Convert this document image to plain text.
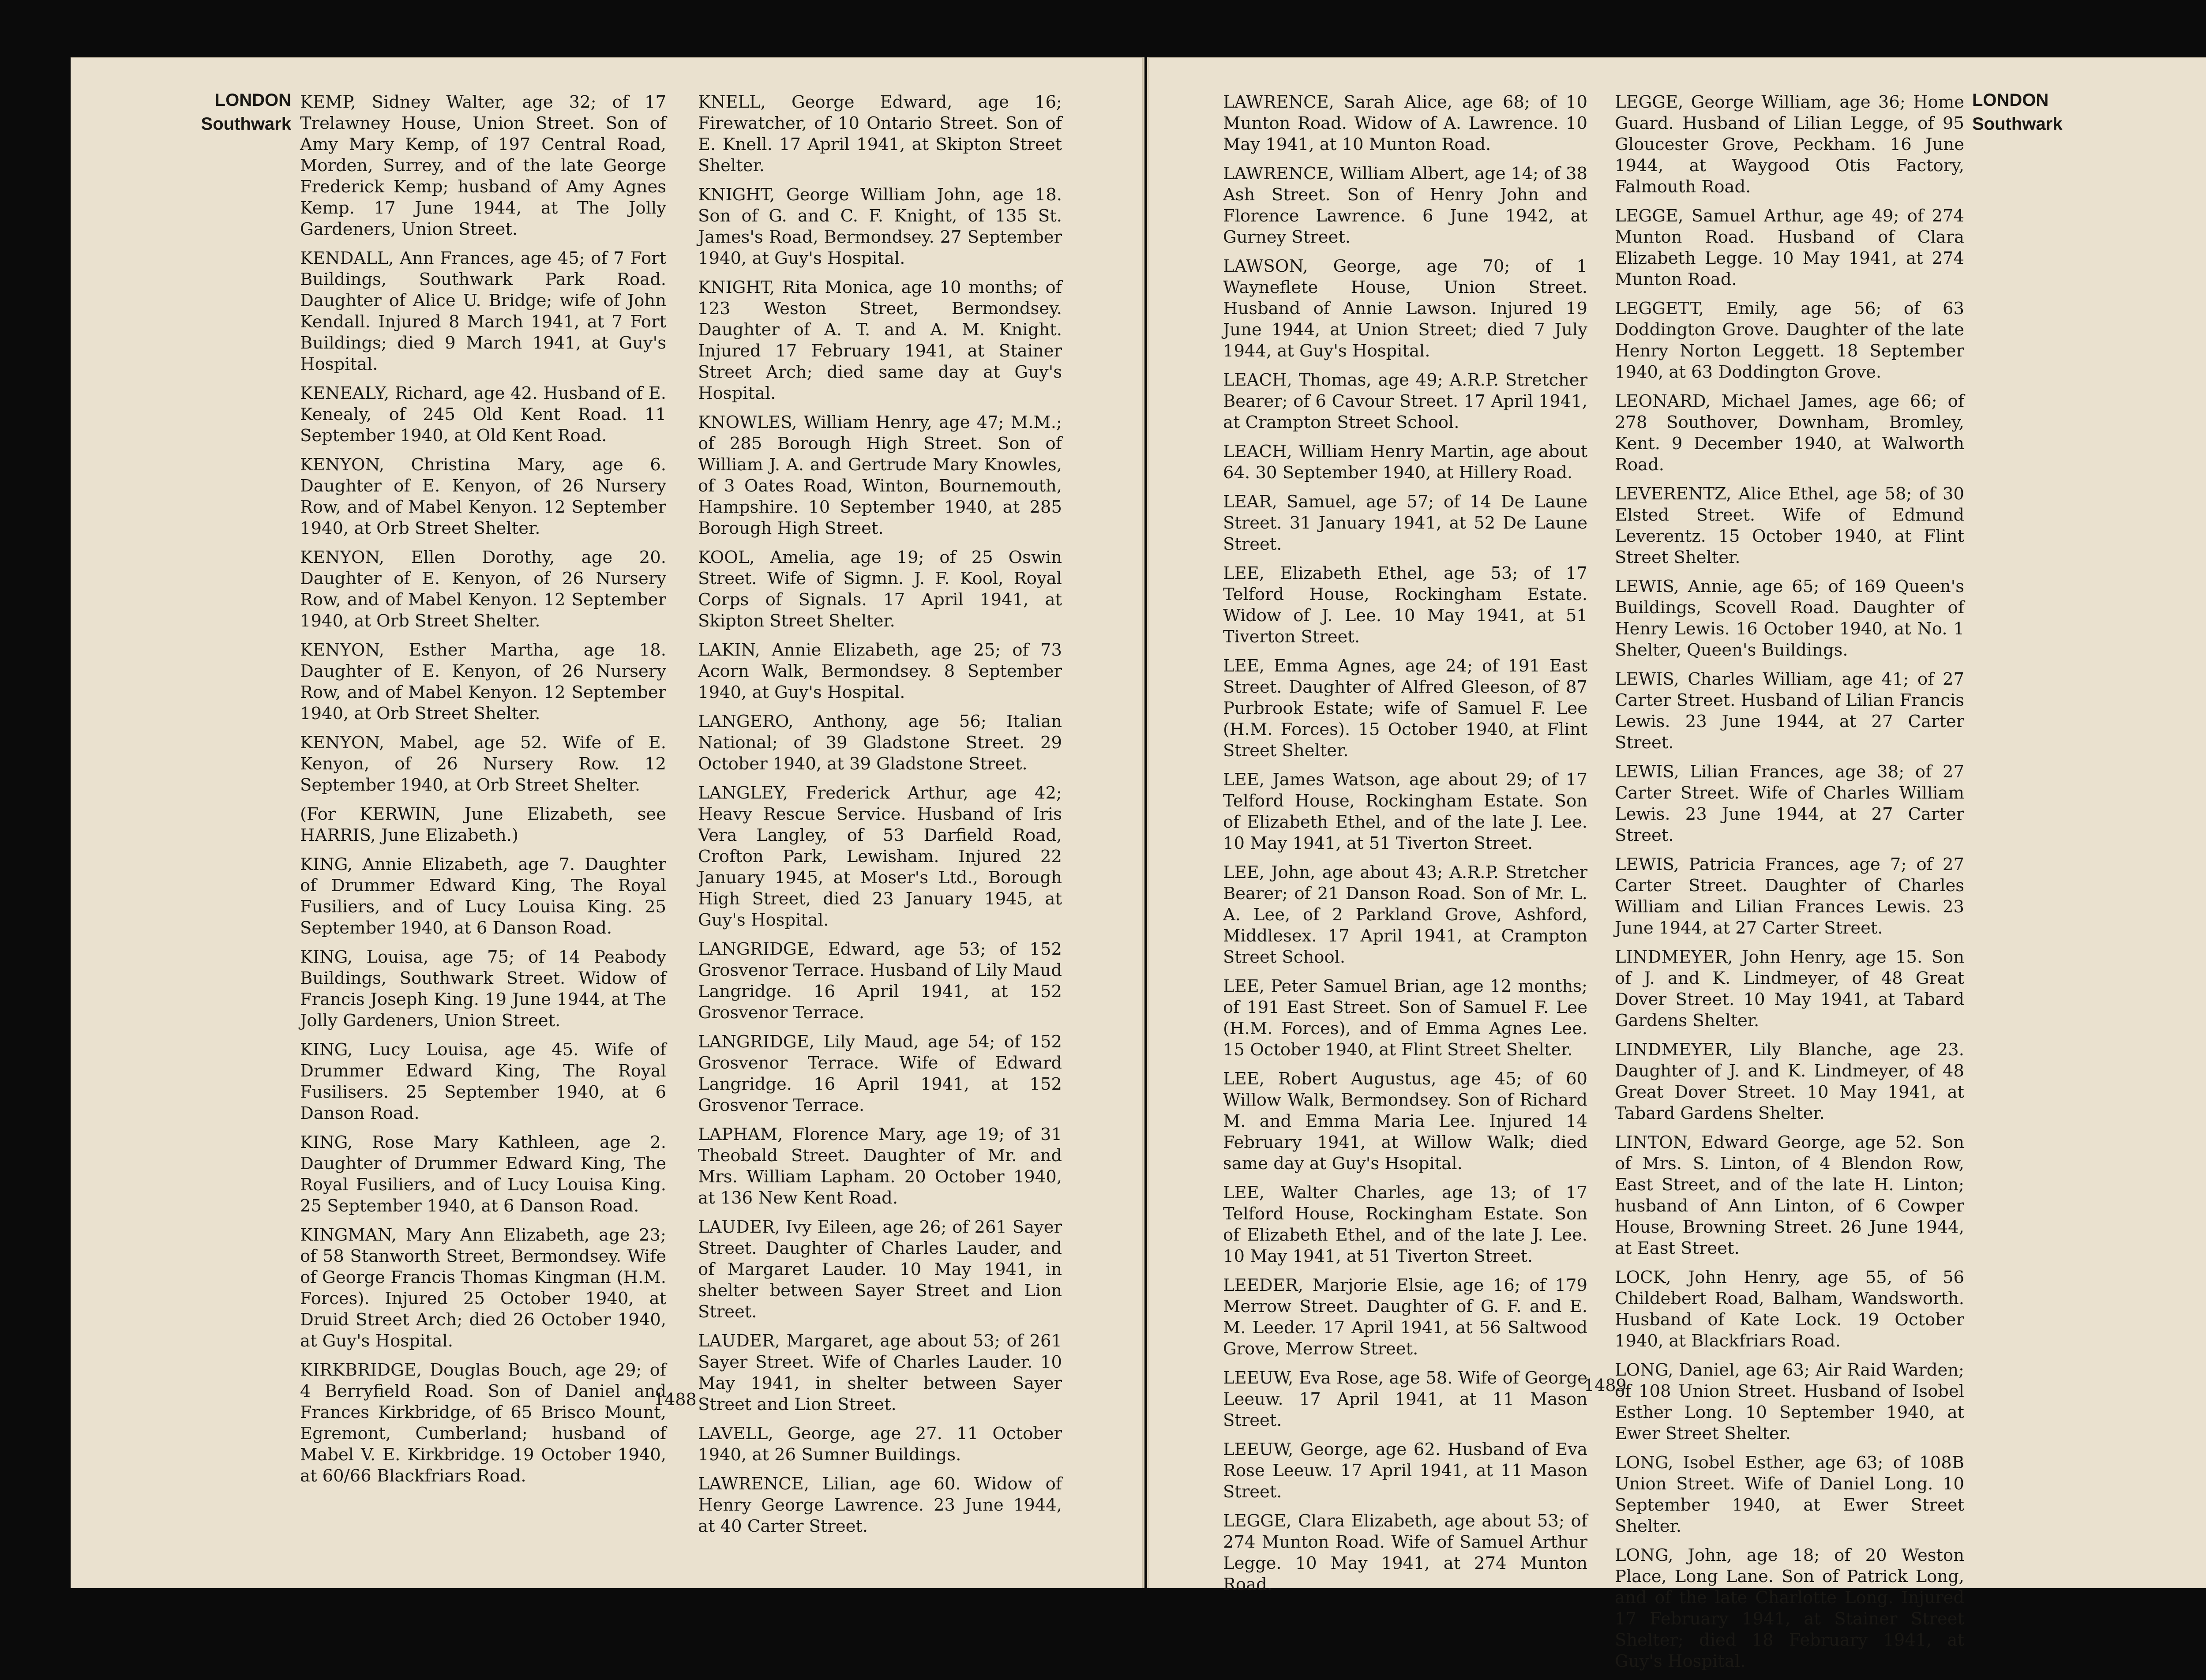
LONDON
Southwark

KEMP, Sidney Walter, age 32; of 17 Trelawney House, Union Street. Son of Amy Mary Kemp, of 197 Central Road, Morden, Surrey, and of the late George Frederick Kemp; husband of Amy Agnes Kemp. 17 June 1944, at The Jolly Gardeners, Union Street.

KENDALL, Ann Frances, age 45; of 7 Fort Buildings, Southwark Park Road. Daughter of Alice U. Bridge; wife of John Kendall. Injured 8 March 1941, at 7 Fort Buildings; died 9 March 1941, at Guy's Hospital.

KENEALY, Richard, age 42. Husband of E. Kenealy, of 245 Old Kent Road. 11 September 1940, at Old Kent Road.

KENYON, Christina Mary, age 6. Daughter of E. Kenyon, of 26 Nursery Row, and of Mabel Kenyon. 12 September 1940, at Orb Street Shelter.

KENYON, Ellen Dorothy, age 20. Daughter of E. Kenyon, of 26 Nursery Row, and of Mabel Kenyon. 12 September 1940, at Orb Street Shelter.

KENYON, Esther Martha, age 18. Daughter of E. Kenyon, of 26 Nursery Row, and of Mabel Kenyon. 12 September 1940, at Orb Street Shelter.

KENYON, Mabel, age 52. Wife of E. Kenyon, of 26 Nursery Row. 12 September 1940, at Orb Street Shelter.

(For KERWIN, June Elizabeth, see HARRIS, June Elizabeth.)

KING, Annie Elizabeth, age 7. Daughter of Drummer Edward King, The Royal Fusiliers, and of Lucy Louisa King. 25 September 1940, at 6 Danson Road.

KING, Louisa, age 75; of 14 Peabody Buildings, Southwark Street. Widow of Francis Joseph King. 19 June 1944, at The Jolly Gardeners, Union Street.

KING, Lucy Louisa, age 45. Wife of Drummer Edward King, The Royal Fusilisers. 25 September 1940, at 6 Danson Road.

KING, Rose Mary Kathleen, age 2. Daughter of Drummer Edward King, The Royal Fusiliers, and of Lucy Louisa King. 25 September 1940, at 6 Danson Road.

KINGMAN, Mary Ann Elizabeth, age 23; of 58 Stanworth Street, Bermondsey. Wife of George Francis Thomas Kingman (H.M. Forces). Injured 25 October 1940, at Druid Street Arch; died 26 October 1940, at Guy's Hospital.

KIRKBRIDGE, Douglas Bouch, age 29; of 4 Berryfield Road. Son of Daniel and Frances Kirkbridge, of 65 Brisco Mount, Egremont, Cumberland; husband of Mabel V. E. Kirkbridge. 19 October 1940, at 60/66 Blackfriars Road.

KNELL, George Edward, age 16; Firewatcher, of 10 Ontario Street. Son of E. Knell. 17 April 1941, at Skipton Street Shelter.

KNIGHT, George William John, age 18. Son of G. and C. F. Knight, of 135 St. James's Road, Bermondsey. 27 September 1940, at Guy's Hospital.

KNIGHT, Rita Monica, age 10 months; of 123 Weston Street, Bermondsey. Daughter of A. T. and A. M. Knight. Injured 17 February 1941, at Stainer Street Arch; died same day at Guy's Hospital.

KNOWLES, William Henry, age 47; M.M.; of 285 Borough High Street. Son of William J. A. and Gertrude Mary Knowles, of 3 Oates Road, Winton, Bournemouth, Hampshire. 10 September 1940, at 285 Borough High Street.

KOOL, Amelia, age 19; of 25 Oswin Street. Wife of Sigmn. J. F. Kool, Royal Corps of Signals. 17 April 1941, at Skipton Street Shelter.

LAKIN, Annie Elizabeth, age 25; of 73 Acorn Walk, Bermondsey. 8 September 1940, at Guy's Hospital.

LANGERO, Anthony, age 56; Italian National; of 39 Gladstone Street. 29 October 1940, at 39 Gladstone Street.

LANGLEY, Frederick Arthur, age 42; Heavy Rescue Service. Husband of Iris Vera Langley, of 53 Darfield Road, Crofton Park, Lewisham. Injured 22 January 1945, at Moser's Ltd., Borough High Street, died 23 January 1945, at Guy's Hospital.

LANGRIDGE, Edward, age 53; of 152 Grosvenor Terrace. Husband of Lily Maud Langridge. 16 April 1941, at 152 Grosvenor Terrace.

LANGRIDGE, Lily Maud, age 54; of 152 Grosvenor Terrace. Wife of Edward Langridge. 16 April 1941, at 152 Grosvenor Terrace.

LAPHAM, Florence Mary, age 19; of 31 Theobald Street. Daughter of Mr. and Mrs. William Lapham. 20 October 1940, at 136 New Kent Road.

LAUDER, Ivy Eileen, age 26; of 261 Sayer Street. Daughter of Charles Lauder, and of Margaret Lauder. 10 May 1941, in shelter between Sayer Street and Lion Street.

LAUDER, Margaret, age about 53; of 261 Sayer Street. Wife of Charles Lauder. 10 May 1941, in shelter between Sayer Street and Lion Street.

LAVELL, George, age 27. 11 October 1940, at 26 Sumner Buildings.

LAWRENCE, Lilian, age 60. Widow of Henry George Lawrence. 23 June 1944, at 40 Carter Street.

1488

LAWRENCE, Sarah Alice, age 68; of 10 Munton Road. Widow of A. Lawrence. 10 May 1941, at 10 Munton Road.

LAWRENCE, William Albert, age 14; of 38 Ash Street. Son of Henry John and Florence Lawrence. 6 June 1942, at Gurney Street.

LAWSON, George, age 70; of 1 Wayneflete House, Union Street. Husband of Annie Lawson. Injured 19 June 1944, at Union Street; died 7 July 1944, at Guy's Hospital.

LEACH, Thomas, age 49; A.R.P. Stretcher Bearer; of 6 Cavour Street. 17 April 1941, at Crampton Street School.

LEACH, William Henry Martin, age about 64. 30 September 1940, at Hillery Road.

LEAR, Samuel, age 57; of 14 De Laune Street. 31 January 1941, at 52 De Laune Street.

LEE, Elizabeth Ethel, age 53; of 17 Telford House, Rockingham Estate. Widow of J. Lee. 10 May 1941, at 51 Tiverton Street.

LEE, Emma Agnes, age 24; of 191 East Street. Daughter of Alfred Gleeson, of 87 Purbrook Estate; wife of Samuel F. Lee (H.M. Forces). 15 October 1940, at Flint Street Shelter.

LEE, James Watson, age about 29; of 17 Telford House, Rockingham Estate. Son of Elizabeth Ethel, and of the late J. Lee. 10 May 1941, at 51 Tiverton Street.

LEE, John, age about 43; A.R.P. Stretcher Bearer; of 21 Danson Road. Son of Mr. L. A. Lee, of 2 Parkland Grove, Ashford, Middlesex. 17 April 1941, at Crampton Street School.

LEE, Peter Samuel Brian, age 12 months; of 191 East Street. Son of Samuel F. Lee (H.M. Forces), and of Emma Agnes Lee. 15 October 1940, at Flint Street Shelter.

LEE, Robert Augustus, age 45; of 60 Willow Walk, Bermondsey. Son of Richard M. and Emma Maria Lee. Injured 14 February 1941, at Willow Walk; died same day at Guy's Hsopital.

LEE, Walter Charles, age 13; of 17 Telford House, Rockingham Estate. Son of Elizabeth Ethel, and of the late J. Lee. 10 May 1941, at 51 Tiverton Street.

LEEDER, Marjorie Elsie, age 16; of 179 Merrow Street. Daughter of G. F. and E. M. Leeder. 17 April 1941, at 56 Saltwood Grove, Merrow Street.

LEEUW, Eva Rose, age 58. Wife of George Leeuw. 17 April 1941, at 11 Mason Street.

LEEUW, George, age 62. Husband of Eva Rose Leeuw. 17 April 1941, at 11 Mason Street.

LEGGE, Clara Elizabeth, age about 53; of 274 Munton Road. Wife of Samuel Arthur Legge. 10 May 1941, at 274 Munton Road.

LEGGE, George William, age 36; Home Guard. Husband of Lilian Legge, of 95 Gloucester Grove, Peckham. 16 June 1944, at Waygood Otis Factory, Falmouth Road.

LEGGE, Samuel Arthur, age 49; of 274 Munton Road. Husband of Clara Elizabeth Legge. 10 May 1941, at 274 Munton Road.

LEGGETT, Emily, age 56; of 63 Doddington Grove. Daughter of the late Henry Norton Leggett. 18 September 1940, at 63 Doddington Grove.

LEONARD, Michael James, age 66; of 278 Southover, Downham, Bromley, Kent. 9 December 1940, at Walworth Road.

LEVERENTZ, Alice Ethel, age 58; of 30 Elsted Street. Wife of Edmund Leverentz. 15 October 1940, at Flint Street Shelter.

LEWIS, Annie, age 65; of 169 Queen's Buildings, Scovell Road. Daughter of Henry Lewis. 16 October 1940, at No. 1 Shelter, Queen's Buildings.

LEWIS, Charles William, age 41; of 27 Carter Street. Husband of Lilian Francis Lewis. 23 June 1944, at 27 Carter Street.

LEWIS, Lilian Frances, age 38; of 27 Carter Street. Wife of Charles William Lewis. 23 June 1944, at 27 Carter Street.

LEWIS, Patricia Frances, age 7; of 27 Carter Street. Daughter of Charles William and Lilian Frances Lewis. 23 June 1944, at 27 Carter Street.

LINDMEYER, John Henry, age 15. Son of J. and K. Lindmeyer, of 48 Great Dover Street. 10 May 1941, at Tabard Gardens Shelter.

LINDMEYER, Lily Blanche, age 23. Daughter of J. and K. Lindmeyer, of 48 Great Dover Street. 10 May 1941, at Tabard Gardens Shelter.

LINTON, Edward George, age 52. Son of Mrs. S. Linton, of 4 Blendon Row, East Street, and of the late H. Linton; husband of Ann Linton, of 6 Cowper House, Browning Street. 26 June 1944, at East Street.

LOCK, John Henry, age 55, of 56 Childebert Road, Balham, Wandsworth. Husband of Kate Lock. 19 October 1940, at Blackfriars Road.

LONG, Daniel, age 63; Air Raid Warden; of 108 Union Street. Husband of Isobel Esther Long. 10 September 1940, at Ewer Street Shelter.

LONG, Isobel Esther, age 63; of 108B Union Street. Wife of Daniel Long. 10 September 1940, at Ewer Street Shelter.

LONG, John, age 18; of 20 Weston Place, Long Lane. Son of Patrick Long, and of the late Charlotte Long. Injured 17 February 1941, at Stainer Street Shelter; died 18 February 1941, at Guy's Hospital.

LONDON
Southwark
1489
